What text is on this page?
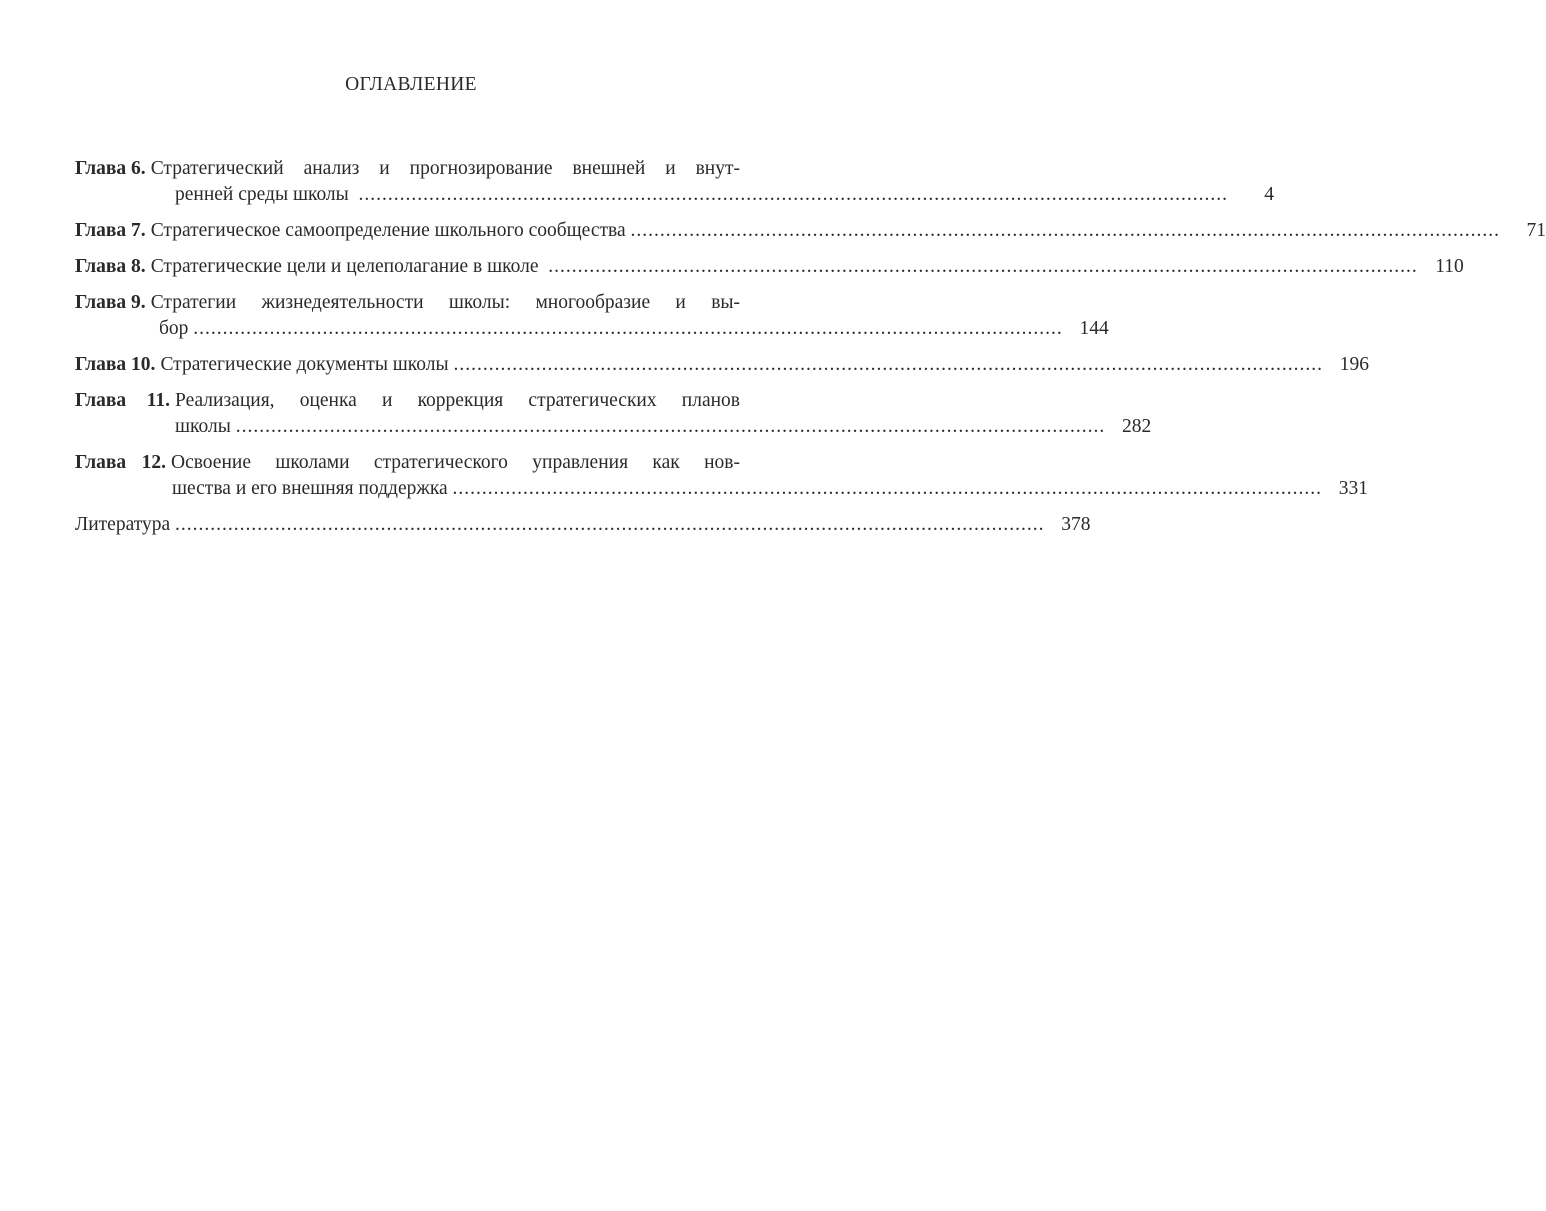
ОГЛАВЛЕНИЕ
Глава 6. Стратегический анализ и прогнозирование внешней и внут-
ренней среды школы ....................................................................................................................................................	4
Глава 7. Стратегическое самоопределение школьного сообщества ....................................................................................................................................................	71
Глава 8. Стратегические цели и целеполагание в школе .................................................................................................................................................... 110
Глава 9. Стратегии жизнедеятельности школы: многообразие и вы-
бор .................................................................................................................................................... 144
Глава 10. Стратегические документы школы .................................................................................................................................................... 196
Глава 11. Реализация, оценка и коррекция стратегических планов
школы .................................................................................................................................................... 282
Глава 12. Освоение школами стратегического управления как нов-
шества и его внешняя поддержка .................................................................................................................................................... 331
Литература .................................................................................................................................................... 378
